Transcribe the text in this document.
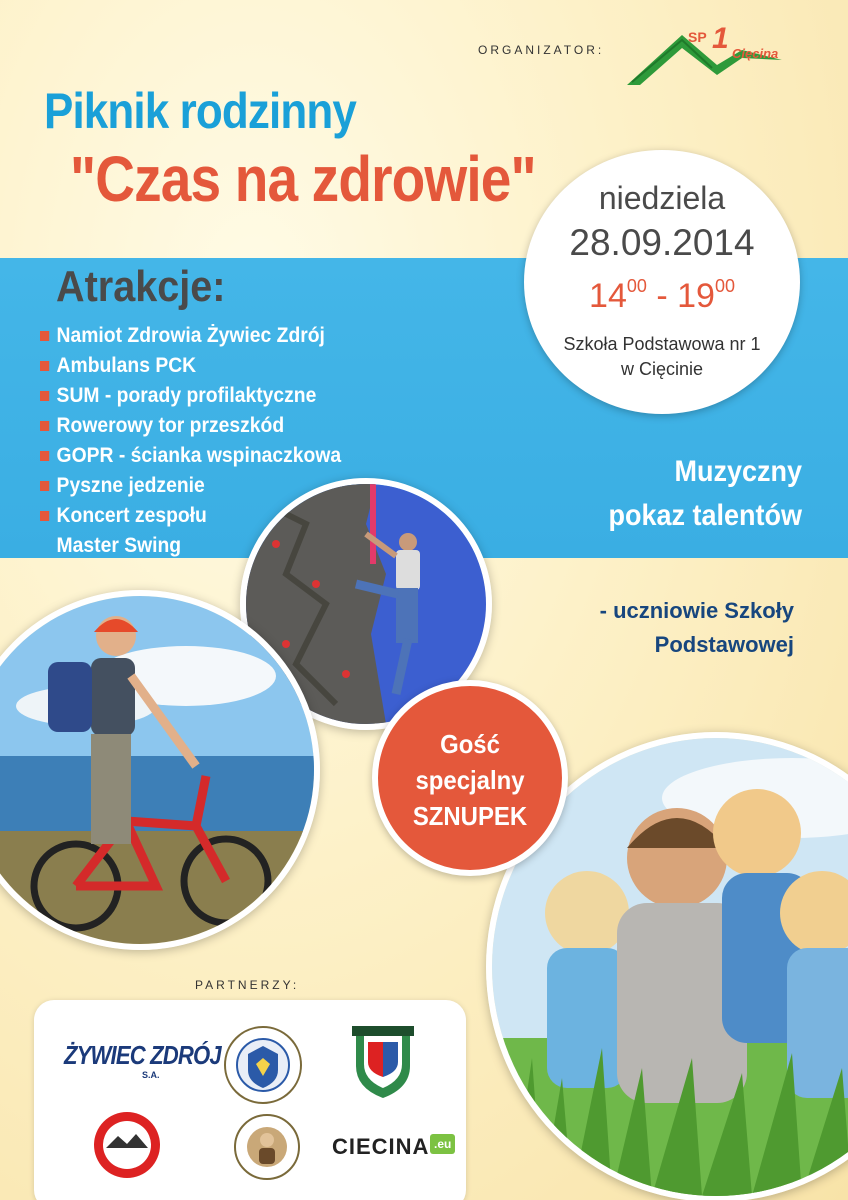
ORGANIZATOR:
SP 1 Cięcina
Piknik rodzinny
"Czas na zdrowie"
Atrakcje:
Namiot Zdrowia Żywiec Zdrój
Ambulans PCK
SUM - porady profilaktyczne
Rowerowy tor przeszkód
GOPR - ścianka wspinaczkowa
Pyszne jedzenie
Koncert zespołu
Master Swing
niedziela
28.09.2014
$14^{00} - 19^{00}$
Szkoła Podstawowa nr 1
w Cięcinie
Muzyczny
pokaz talentów
- uczniowie Szkoły
Podstawowej
Gość
specjalny
SZNUPEK
PARTNERZY:
ŻYWIEC ZDRÓJ
S.A.
CIECINA .eu
